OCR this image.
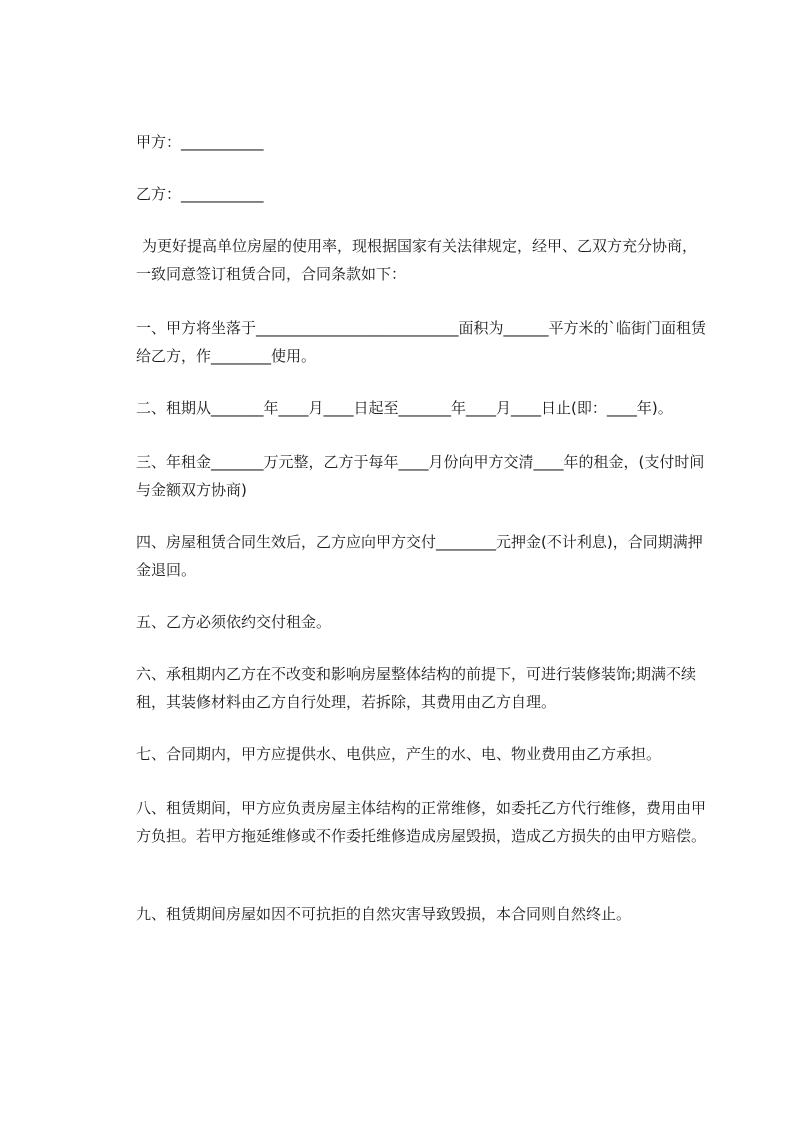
甲方：___________

乙方：___________

为更好提高单位房屋的使用率，现根据国家有关法律规定，经甲、乙双方充分协商，一致同意签订租赁合同，合同条款如下：

一、甲方将坐落于___________________________面积为______平方米的`临街门面租赁给乙方，作________使用。

二、租期从_______年____月____日起至_______年____月____日止(即：____年)。

三、年租金_______万元整，乙方于每年____月份向甲方交清____年的租金，(支付时间与金额双方协商)

四、房屋租赁合同生效后，乙方应向甲方交付________元押金(不计利息)，合同期满押金退回。

五、乙方必须依约交付租金。

六、承租期内乙方在不改变和影响房屋整体结构的前提下，可进行装修装饰;期满不续租，其装修材料由乙方自行处理，若拆除，其费用由乙方自理。

七、合同期内，甲方应提供水、电供应，产生的水、电、物业费用由乙方承担。

八、租赁期间，甲方应负责房屋主体结构的正常维修，如委托乙方代行维修，费用由甲方负担。若甲方拖延维修或不作委托维修造成房屋毁损，造成乙方损失的由甲方赔偿。

九、租赁期间房屋如因不可抗拒的自然灾害导致毁损，本合同则自然终止。
